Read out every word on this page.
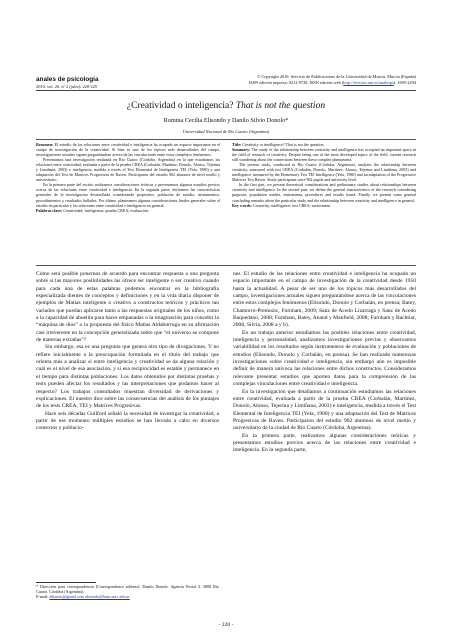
anales de psicología
2010, vol. 26, nº 2 (julio), 220-225
© Copyright 2010: Servicio de Publicaciones de la Universidad de Murcia. Murcia (España)
ISSN edición impresa: 0212-9728. ISSN edición web (http://revistas.um.es/analesps): 1695-2294
¿Creatividad o inteligencia? That is not the question
Romina Cecilia Elisondo y Danilo Silvio Donolo*
Universidad Nacional de Río Cuarto (Argentina)

Resumen: El estudio de las relaciones entre creatividad e inteligencia ha ocupado un espacio importante en el campo de investigación de la creatividad. Si bien es uno de los tópicos más desarrollados del campo, investigaciones actuales siguen preguntándose acerca de las vinculaciones entre estos complejos fenómenos.

Presentamos una investigación realizada en Río Cuarto (Córdoba, Argentina) en la que estudiamos las relaciones entre creatividad, evaluada a partir de la prueba CREA (Corbalán, Martínez, Donolo, Alonso, Tejerina y Limiñana, 2003) e inteligencia, medida a través el Test Elemental de Inteligencia TEI (Yela, 1980) y una adaptación del Test de Matrices Progresivas de Raven. Participaron del estudio 962 alumnos de nivel medio y universitario.

En la primera parte del escrito realizamos consideraciones teóricas y presentamos algunos estudios previos acerca de las relaciones entre creatividad e inteligencia. En la segunda parte, definimos las características generales de la investigación desarrollada considerando propósitos, población de estudio, instrumentos, procedimientos y resultados hallados. Por último, planteamos algunas consideraciones finales generales sobre el estudio en particular y las relaciones entre creatividad e inteligencia en general.

Palabras clave: Creatividad; inteligencia; prueba CREA; evaluación.

Title: Creativity or intelligence? That is not the question

Summary: The study of the relationship between creativity and intelligence has occupied an important space in the field of research of creativity. Despite being one of the most developed topics of the field, current research still wondering about the connections between these complex phenomena.

The present study, conducted in Río Cuarto (Córdoba, Argentina), analyses the relationship between creativity, measured with test CREA (Corbalán, Donolo, Martínez, Alonso, Tejerina and Limiñana, 2003) and intelligence, measured by the Elementary Test TEI Intelligence (Yela, 1980) and an adaptation of the Progressive Matrices Test Raven. Study participants were 962 pupils and university level.

In the first part, we present theoretical considerations and preliminary studies about relationships between creativity and intelligence. In the second part, we define the general characteristics of the research considering purposes, population studies, instruments, procedures and results found. Finally, we present some general concluding remarks about the particular study and the relationship between creativity and intelligence in general.

Key words: Creativity; intelligence; test CREA; assessment.

Cómo será posible ponernos de acuerdo para encontrar respuesta a una pregunta sobre si las mayores posibilidades las ofrece ser inteligente o ser creativo cuando para cada una de estas palabras podemos encontrar en la bibliografía especializada dientes de conceptos y definiciones y en la vida diaria disponer de ejemplos de Matías inteligente o creativo a constructos teóricos y prácticos tan variados que puedan aplicarse tanto a las respuestas originales de los niños, como a la capacidad de abuelita para hacer empanadas o la imaginación para concebir la “máquina de dios” o la propuesta del físico Matías Aldaburruga en su afirmación casi irreverente en la concepción generalizada sobre que “el universo se compone de materias extrañas”?

Sin embargo, esa es una pregunta que genera otro tipo de divagaciones. Y no refiere inicialmente a la preocupación formulada en el título del trabajo que orienta más a analizar si entre inteligencia y creatividad se da alguna relación y cuál es el nivel de esa asociación, y si esa reciprocidad es estable y permanece en el tiempo para distintas poblaciones. Los datos obtenidos por distintas pruebas y tests pueden afectar los resultados y las interpretaciones que podamos hacer al respecto? Los trabajos consultados muestran diversidad de derivaciones y explicaciones. El nuestro dice sobre las consecuencias del análisis de los puntajes de los tests CREA, TEI y Matrices Progresivas.

Hace seis décadas Guilford señaló la necesidad de investigar la creatividad, a partir de ese momento múltiples estudios se han llevado a cabo en diversos contextos y poblacio-

nes. El estudio de las relaciones entre creatividad e inteligencia ha ocupado un espacio importante en el campo de investigación de la creatividad desde 1950 hasta la actualidad. A pesar de ser uno de los tópicos más desarrollados del campo, investigaciones actuales siguen preguntándose acerca de las vinculaciones entre estos complejos fenómenos (Elisondo, Donolo y Corbalán, en prensa; Batey, Chamorro-Premuzic, Furnham, 2009; Sanz de Acedo Lizarraga y Sanz de Acedo Baquedano, 2008; Furnham, Batey, Anand y Manfield, 2008; Furnham y Bachtiar, 2008, Silvia, 2008 a y b).

En un trabajo anterior estudiamos las posibles relaciones entre creatividad, inteligencia y personalidad, analizamos investigaciones previas y observamos variabilidad en los resultados según instrumentos de evaluación y poblaciones de estudios (Elisondo, Donolo y Corbalán, en prensa). Se han realizado numerosas investigaciones sobre creatividad e inteligencia, sin embargo aún es imposible definir de manera unívoca las relaciones entre dichos constructos. Consideramos relevante presentar estudios que aporten datos para la comprensión de las complejas vinculaciones entre creatividad e inteligencia.

En la investigación que detallamos a continuación estudiamos las relaciones entre creatividad, evaluada a partir de la prueba CREA (Corbalán, Martínez, Donolo, Alonso, Tejerina y Limiñana, 2003) e inteligencia, medida a través el Test Elemental de Inteligencia TEI (Yela, 1980) y una adaptación del Test de Matrices Progresivas de Raven. Participaron del estudio 962 alumnos de nivel medio y universitario de la ciudad de Río Cuarto (Córdoba, Argentina).

En la primera parte, realizamos algunas consideraciones teóricas y presentamos estudios previos acerca de las relaciones entre creatividad e inteligencia. En la segunda parte,

* Dirección para correspondencia [Correspondence address]: Danilo Donolo. Agencia Postal 3. 5800 Río Cuarto. Córdoba (Argentina).
E-mail: ddonolo@gmail.com rdisondo@hum.unrc.edu.ar
- 220 -
